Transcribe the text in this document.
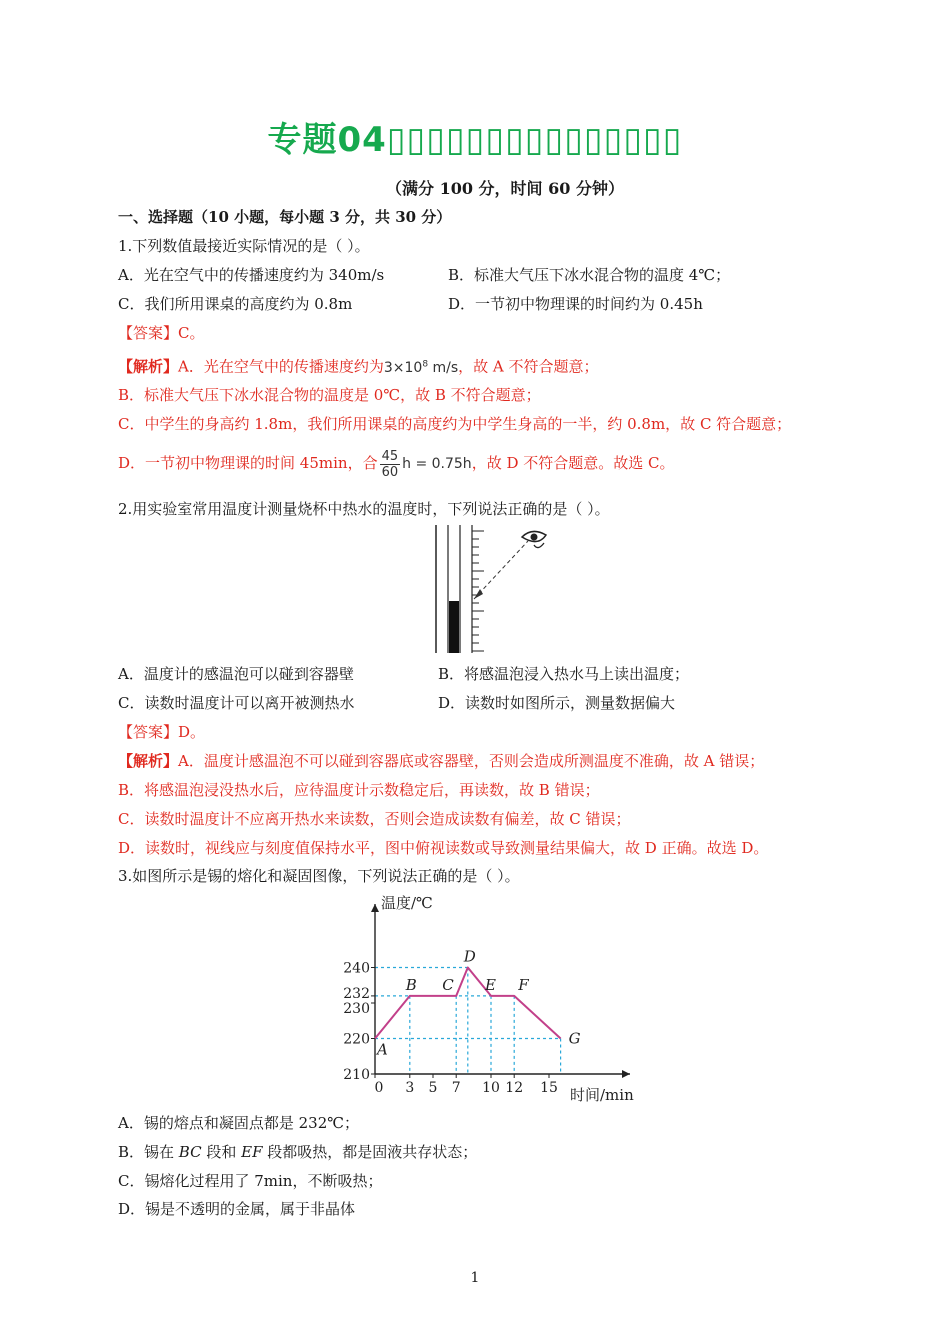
专题04▯▯▯▯▯▯▯▯▯▯▯▯▯▯▯
（满分 100 分，时间 60 分钟）
一、选择题（10 小题，每小题 3 分，共 30 分）
1.下列数值最接近实际情况的是（ ）。
A．光在空气中的传播速度约为 340m/s	B．标准大气压下冰水混合物的温度 4℃；
C．我们所用课桌的高度约为 0.8m	D．一节初中物理课的时间约为 0.45h
【答案】C。
【解析】A．光在空气中的传播速度约为$3\times 10^8$ m/s，故 A 不符合题意；
B．标准大气压下冰水混合物的温度是 0℃，故 B 不符合题意；
C．中学生的身高约 1.8m，我们所用课桌的高度约为中学生身高的一半，约 0.8m，故 C 符合题意；
D．一节初中物理课的时间 45min，合 $\frac{45}{60}$ h = 0.75h，故 D 不符合题意。故选 C。
2.用实验室常用温度计测量烧杯中热水的温度时，下列说法正确的是（ ）。
A．温度计的感温泡可以碰到容器壁	B．将感温泡浸入热水马上读出温度；
C．读数时温度计可以离开被测热水	D．读数时如图所示，测量数据偏大
【答案】D。
【解析】A．温度计感温泡不可以碰到容器底或容器壁，否则会造成所测温度不准确，故 A 错误；
B．将感温泡浸没热水后，应待温度计示数稳定后，再读数，故 B 错误；
C．读数时温度计不应离开热水来读数，否则会造成读数有偏差，故 C 错误；
D．读数时，视线应与刻度值保持水平，图中俯视读数或导致测量结果偏大，故 D 正确。故选 D。
3.如图所示是锡的熔化和凝固图像，下列说法正确的是（ ）。
210
220
230
232
240
0 3 5 7 10 12 15
A
B C
D
E F
G
温度/℃
时间/min
A．锡的熔点和凝固点都是 232℃；
B．锡在 BC 段和 EF 段都吸热，都是固液共存状态；
C．锡熔化过程用了 7min，不断吸热；
D．锡是不透明的金属，属于非晶体
1
